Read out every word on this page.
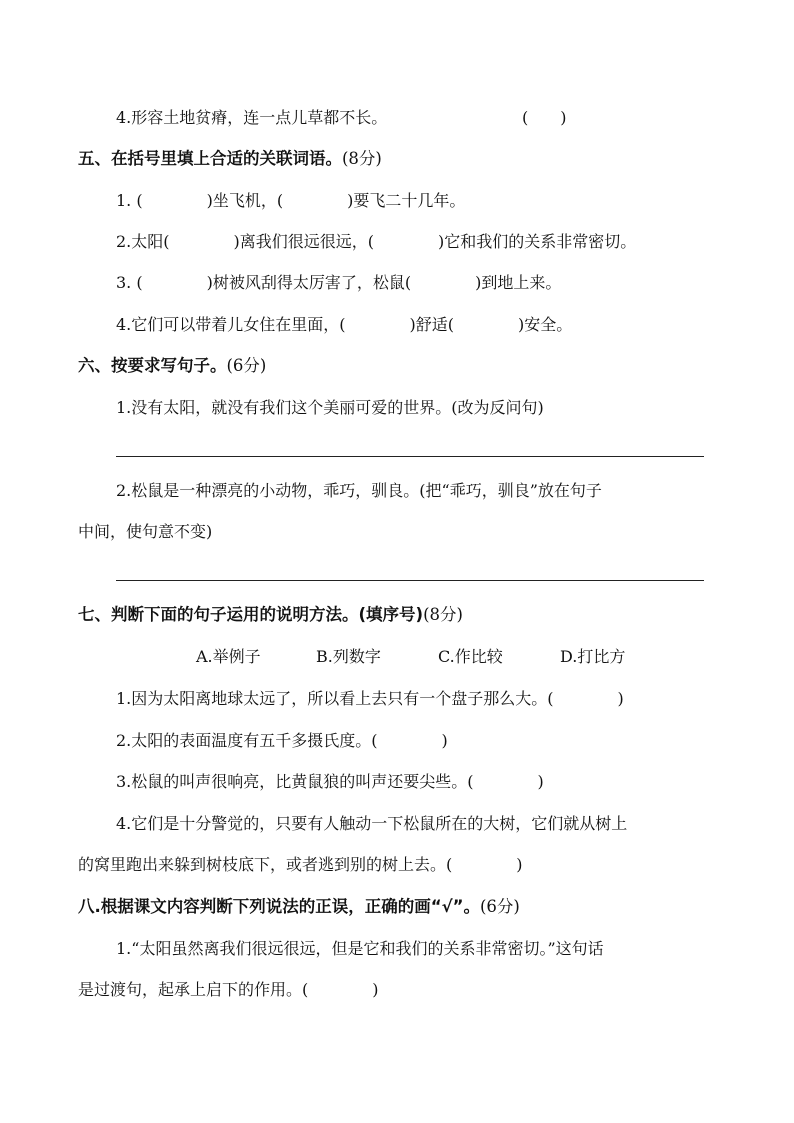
4.形容土地贫瘠，连一点儿草都不长。	(　　)
五、在括号里填上合适的关联词语。(8分)
1. (　　　　)坐飞机，(　　　　)要飞二十几年。
2.太阳(　　　　)离我们很远很远，(　　　　)它和我们的关系非常密切。
3. (　　　　)树被风刮得太厉害了，松鼠(　　　　)到地上来。
4.它们可以带着儿女住在里面，(　　　　)舒适(　　　　)安全。
六、按要求写句子。(6分)
1.没有太阳，就没有我们这个美丽可爱的世界。(改为反问句)
2.松鼠是一种漂亮的小动物，乖巧，驯良。(把“乖巧，驯良”放在句子
中间，使句意不变)
七、判断下面的句子运用的说明方法。(填序号)(8分)
A.举例子	B.列数字	C.作比较	D.打比方
1.因为太阳离地球太远了，所以看上去只有一个盘子那么大。(　　　　)
2.太阳的表面温度有五千多摄氏度。(　　　　)
3.松鼠的叫声很响亮，比黄鼠狼的叫声还要尖些。(　　　　)
4.它们是十分警觉的，只要有人触动一下松鼠所在的大树，它们就从树上
的窝里跑出来躲到树枝底下，或者逃到别的树上去。(　　　　)
八.根据课文内容判断下列说法的正误，正确的画“√”。(6分)
1.“太阳虽然离我们很远很远，但是它和我们的关系非常密切。”这句话
是过渡句，起承上启下的作用。(　　　　)
